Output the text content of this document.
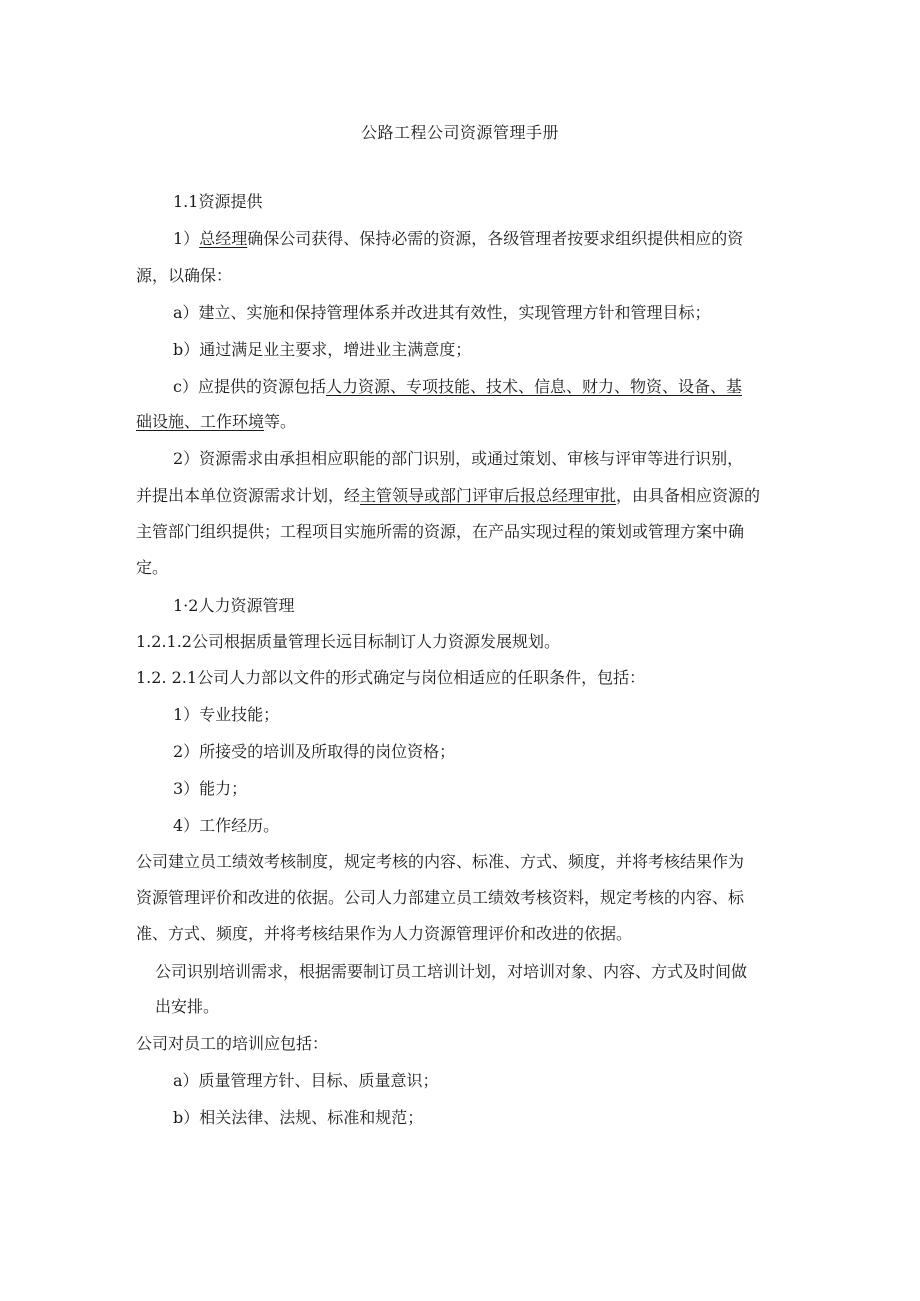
公路工程公司资源管理手册
1.1资源提供
1）总经理确保公司获得、保持必需的资源，各级管理者按要求组织提供相应的资
源，以确保：
a）建立、实施和保持管理体系并改进其有效性，实现管理方针和管理目标；
b）通过满足业主要求，增进业主满意度；
c）应提供的资源包括人力资源、专项技能、技术、信息、财力、物资、设备、基
础设施、工作环境等。
2）资源需求由承担相应职能的部门识别，或通过策划、审核与评审等进行识别，
并提出本单位资源需求计划，经主管领导或部门评审后报总经理审批，由具备相应资源的
主管部门组织提供；工程项目实施所需的资源，在产品实现过程的策划或管理方案中确
定。
1·2人力资源管理
1.2.1.2公司根据质量管理长远目标制订人力资源发展规划。
1.2. 2.1公司人力部以文件的形式确定与岗位相适应的任职条件，包括：
1）专业技能；
2）所接受的培训及所取得的岗位资格；
3）能力；
4）工作经历。
公司建立员工绩效考核制度，规定考核的内容、标准、方式、频度，并将考核结果作为
资源管理评价和改进的依据。公司人力部建立员工绩效考核资料，规定考核的内容、标
准、方式、频度，并将考核结果作为人力资源管理评价和改进的依据。
公司识别培训需求，根据需要制订员工培训计划，对培训对象、内容、方式及时间做
出安排。
公司对员工的培训应包括：
a）质量管理方针、目标、质量意识；
b）相关法律、法规、标准和规范；
